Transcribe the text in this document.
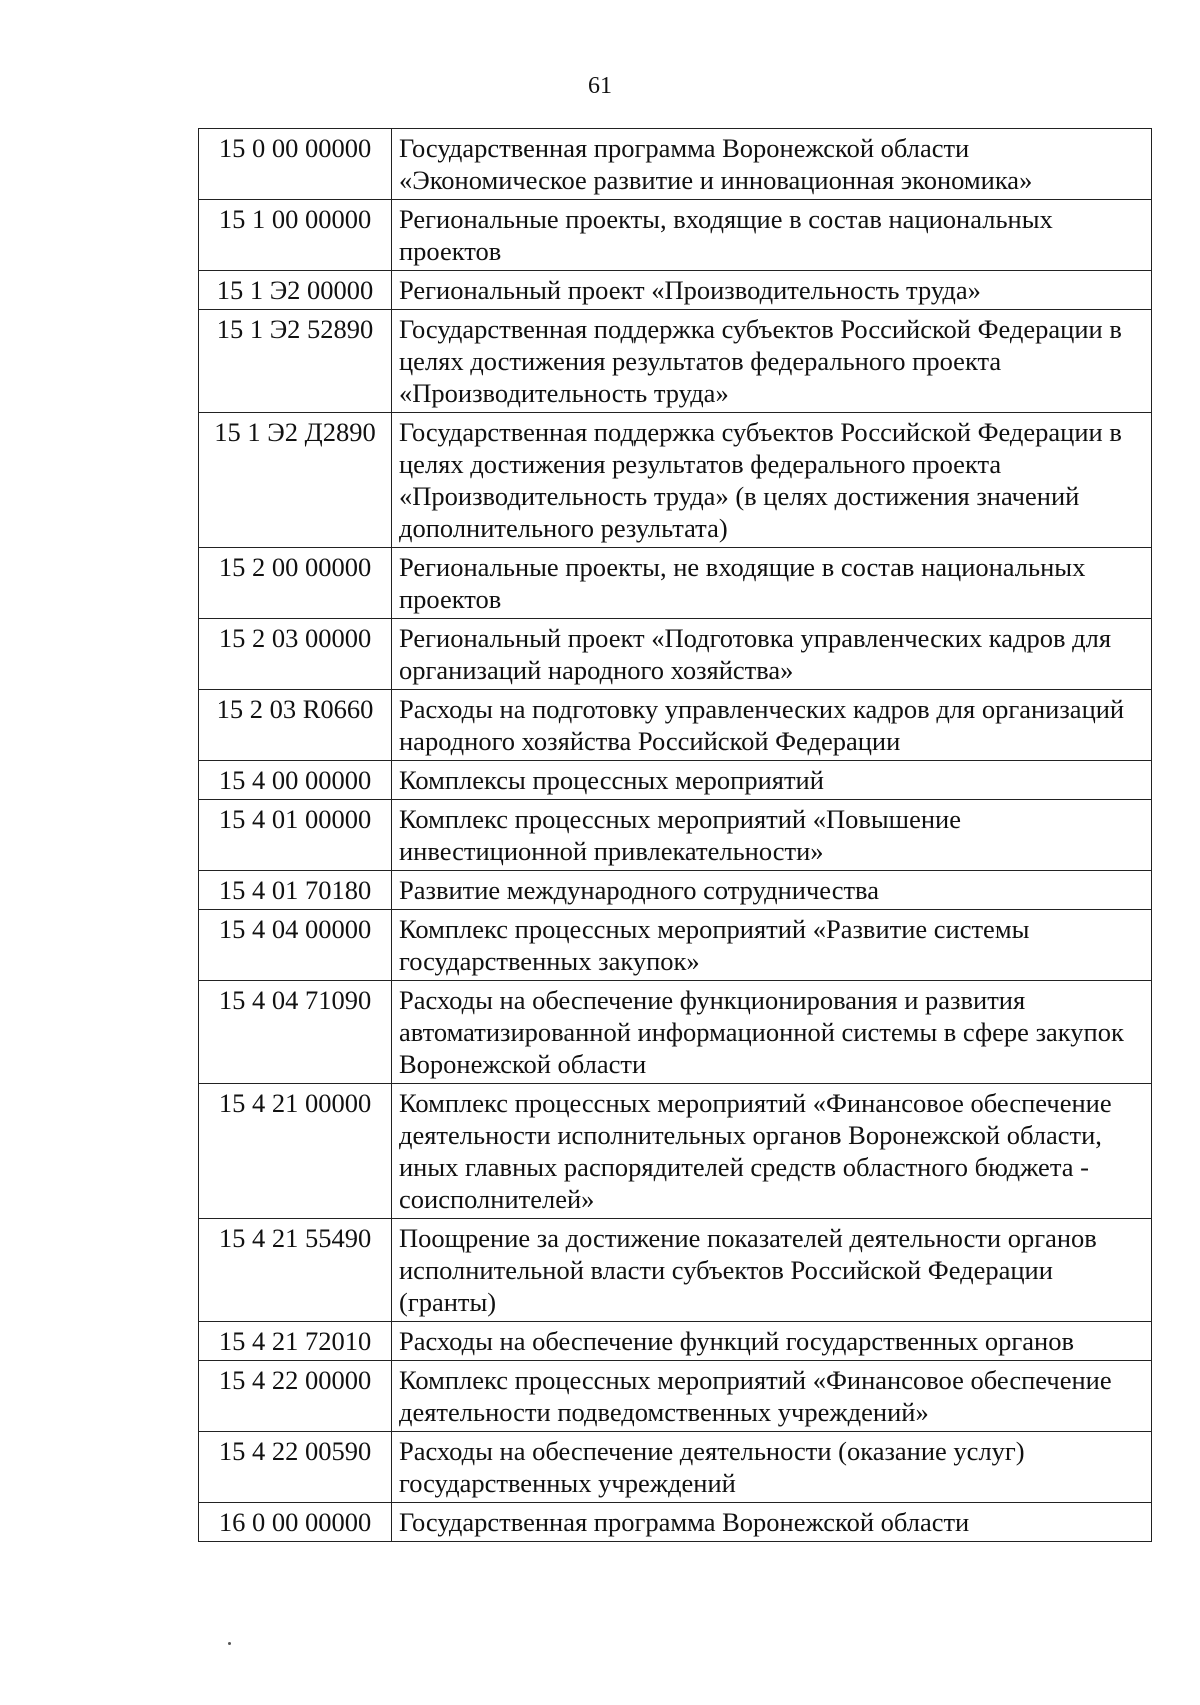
61
15 0 00 00000	Государственная программа Воронежской области «Экономическое развитие и инновационная экономика»
15 1 00 00000	Региональные проекты, входящие в состав национальных проектов
15 1 Э2 00000	Региональный проект «Производительность труда»
15 1 Э2 52890	Государственная поддержка субъектов Российской Федерации в целях достижения результатов федерального проекта «Производительность труда»
15 1 Э2 Д2890	Государственная поддержка субъектов Российской Федерации в целях достижения результатов федерального проекта «Производительность труда» (в целях достижения значений дополнительного результата)
15 2 00 00000	Региональные проекты, не входящие в состав национальных проектов
15 2 03 00000	Региональный проект «Подготовка управленческих кадров для организаций народного хозяйства»
15 2 03 R0660	Расходы на подготовку управленческих кадров для организаций народного хозяйства Российской Федерации
15 4 00 00000	Комплексы процессных мероприятий
15 4 01 00000	Комплекс процессных мероприятий «Повышение инвестиционной привлекательности»
15 4 01 70180	Развитие международного сотрудничества
15 4 04 00000	Комплекс процессных мероприятий «Развитие системы государственных закупок»
15 4 04 71090	Расходы на обеспечение функционирования и развития автоматизированной информационной системы в сфере закупок Воронежской области
15 4 21 00000	Комплекс процессных мероприятий «Финансовое обеспечение деятельности исполнительных органов Воронежской области, иных главных распорядителей средств областного бюджета - соисполнителей»
15 4 21 55490	Поощрение за достижение показателей деятельности органов исполнительной власти субъектов Российской Федерации (гранты)
15 4 21 72010	Расходы на обеспечение функций государственных органов
15 4 22 00000	Комплекс процессных мероприятий «Финансовое обеспечение деятельности подведомственных учреждений»
15 4 22 00590	Расходы на обеспечение деятельности (оказание услуг) государственных учреждений
16 0 00 00000	Государственная программа Воронежской области
